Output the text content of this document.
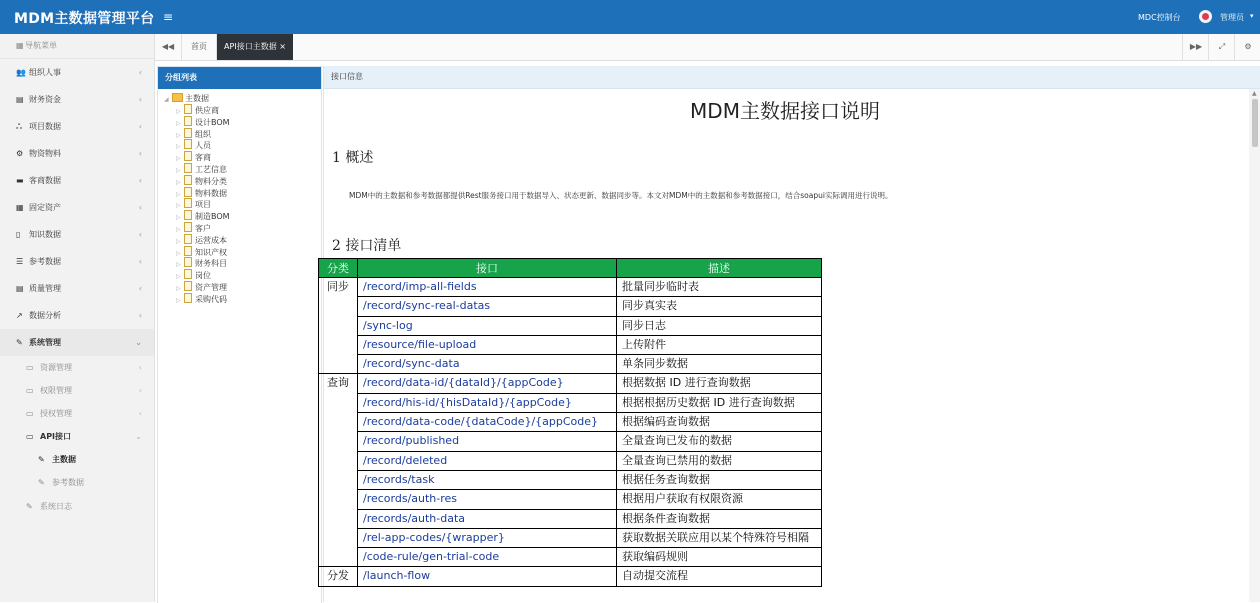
MDM主数据管理平台 ≡	MDC控制台	管理员 ▾
▦导航菜单
👥 组织人事	‹
▤ 财务资金	‹
ஃ 项目数据	‹
⚙ 物资物料	‹
▬ 客商数据	‹
▦ 固定资产	‹
▯ 知识数据	‹
☰ 参考数据	‹
▤ 质量管理	‹
↗ 数据分析	‹
✎ 系统管理	⌄
▭ 资源管理	‹
▭ 权限管理	‹
▭ 授权管理	‹
▭ API接口	⌄
✎ 主数据
✎ 参考数据
✎ 系统日志
◀◀	首页	API接口主数据 ×	▶▶	⤢	⚙
分组列表
◢ 主数据
▷ 供应商
▷ 设计BOM
▷ 组织
▷ 人员
▷ 客商
▷ 工艺信息
▷ 物料分类
▷ 物料数据
▷ 项目
▷ 制造BOM
▷ 客户
▷ 运营成本
▷ 知识产权
▷ 财务科目
▷ 岗位
▷ 资产管理
▷ 采购代码
接口信息
MDM主数据接口说明
1 概述
MDM中的主数据和参考数据都提供Rest服务接口用于数据导入、状态更新、数据同步等。本文对MDM中的主数据和参考数据接口，结合soapui实际调用进行说明。
2 接口清单
▲
分类	接口	描述
同步	/record/imp-all-fields	批量同步临时表
	/record/sync-real-datas	同步真实表
	/sync-log	同步日志
	/resource/file-upload	上传附件
	/record/sync-data	单条同步数据
查询	/record/data-id/{dataId}/{appCode}	根据数据 ID 进行查询数据
	/record/his-id/{hisDataId}/{appCode}	根据根据历史数据 ID 进行查询数据
	/record/data-code/{dataCode}/{appCode}	根据编码查询数据
	/record/published	全量查询已发布的数据
	/record/deleted	全量查询已禁用的数据
	/records/task	根据任务查询数据
	/records/auth-res	根据用户获取有权限资源
	/records/auth-data	根据条件查询数据
	/rel-app-codes/{wrapper}	获取数据关联应用以某个特殊符号相隔
	/code-rule/gen-trial-code	获取编码规则
分发	/launch-flow	自动提交流程
